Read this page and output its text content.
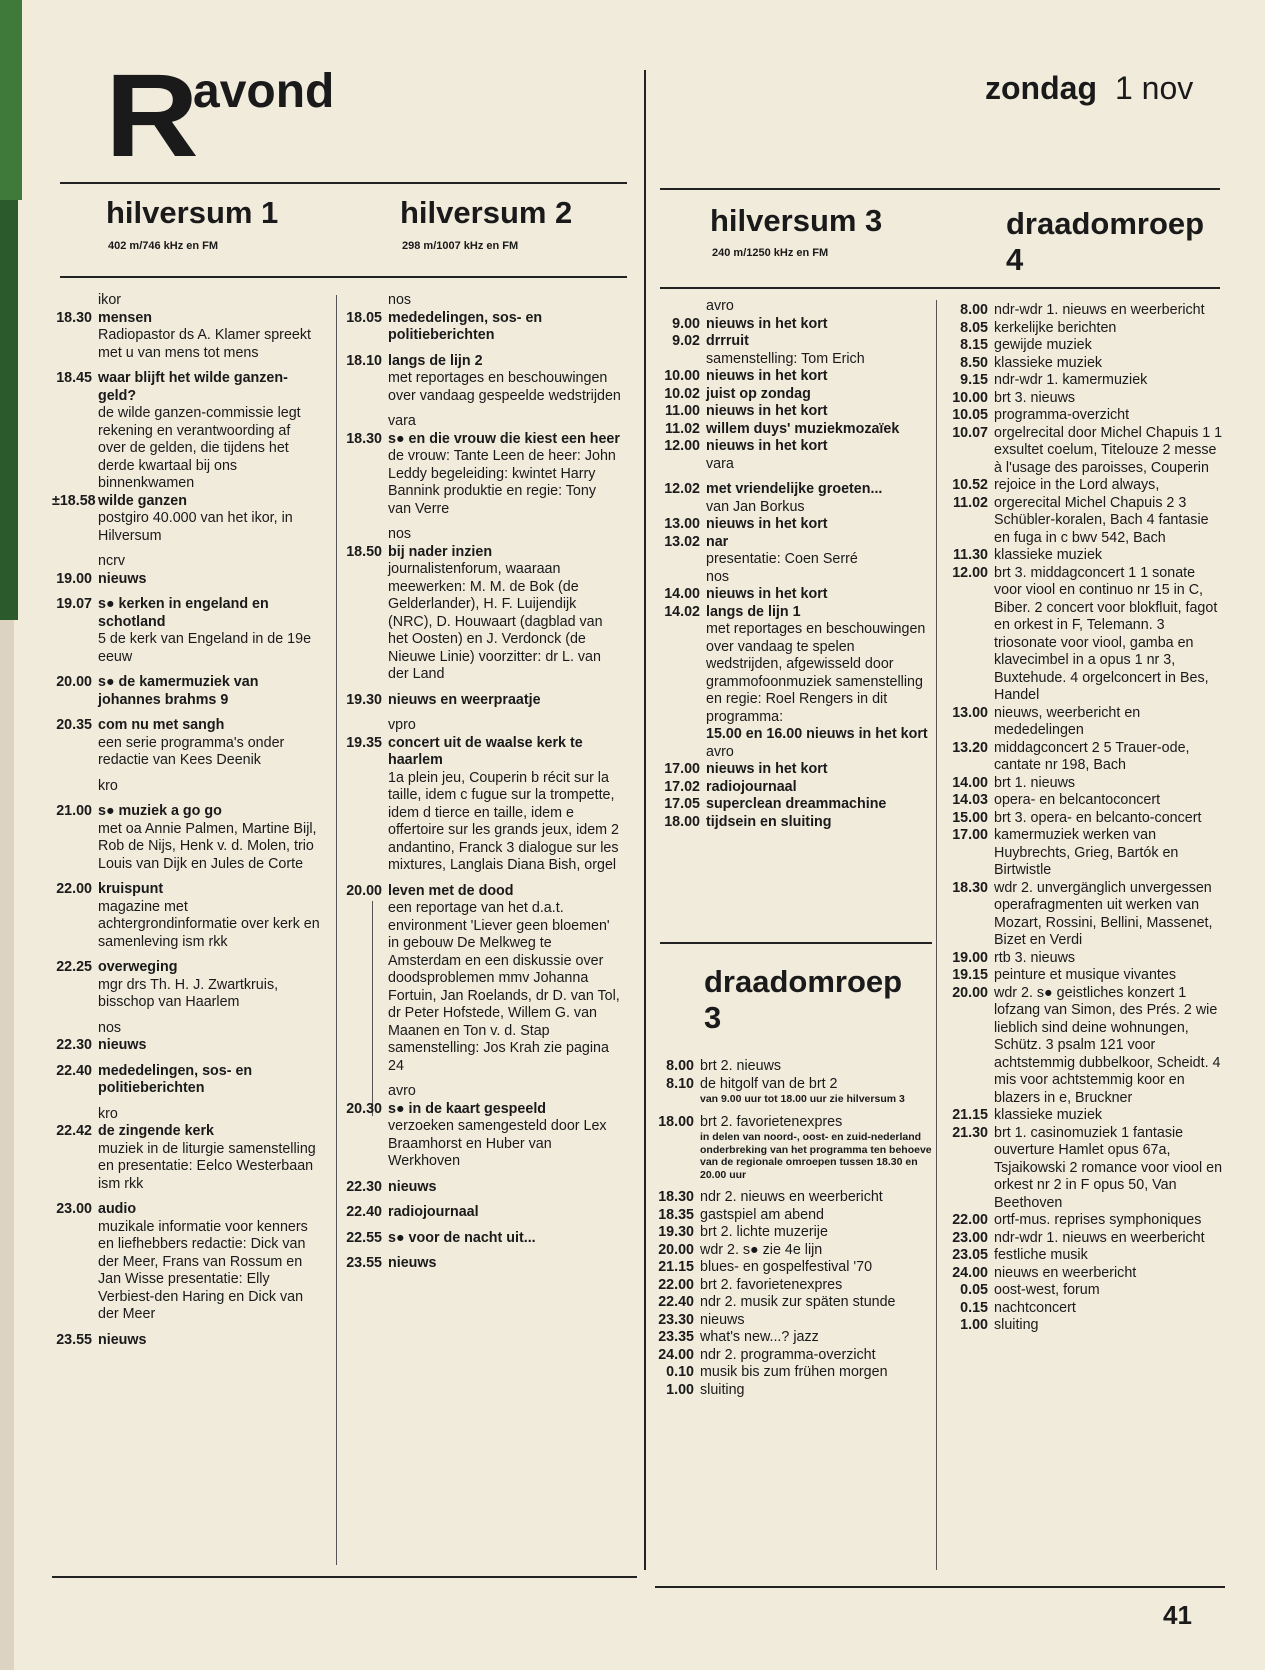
R
avond	zondag 1 nov
hilversum 1
402 m/746 kHz en FM
hilversum 2
298 m/1007 kHz en FM
hilversum 3
240 m/1250 kHz en FM
draadomroep
4
draadomroep
3
ikor
18.30 mensen
Radiopastor ds A. Klamer spreekt met u van mens tot mens
18.45 waar blijft het wilde ganzen-geld?
de wilde ganzen-commissie legt rekening en verantwoording af over de gelden, die tijdens het derde kwartaal bij ons binnenkwamen
±18.58 wilde ganzen
postgiro 40.000 van het ikor, in Hilversum
ncrv
19.00 nieuws
19.07 s● kerken in engeland en schotland
5 de kerk van Engeland in de 19e eeuw
20.00 s● de kamermuziek van johannes brahms 9
20.35 com nu met sangh
een serie programma's onder redactie van Kees Deenik
kro
21.00 s● muziek a go go
met oa Annie Palmen, Martine Bijl, Rob de Nijs, Henk v. d. Molen, trio Louis van Dijk en Jules de Corte
22.00 kruispunt
magazine met achtergrondinformatie over kerk en samenleving ism rkk
22.25 overweging
mgr drs Th. H. J. Zwartkruis, bisschop van Haarlem
nos
22.30 nieuws
22.40 mededelingen, sos- en politieberichten
kro
22.42 de zingende kerk
muziek in de liturgie samenstelling en presentatie: Eelco Westerbaan ism rkk
23.00 audio
muzikale informatie voor kenners en liefhebbers redactie: Dick van der Meer, Frans van Rossum en Jan Wisse presentatie: Elly Verbiest-den Haring en Dick van der Meer
23.55 nieuws
nos
18.05 mededelingen, sos- en politieberichten
18.10 langs de lijn 2
met reportages en beschouwingen over vandaag gespeelde wedstrijden
vara
18.30 s● en die vrouw die kiest een heer
de vrouw: Tante Leen de heer: John Leddy begeleiding: kwintet Harry Bannink produktie en regie: Tony van Verre
nos
18.50 bij nader inzien
journalistenforum, waaraan meewerken: M. M. de Bok (de Gelderlander), H. F. Luijendijk (NRC), D. Houwaart (dagblad van het Oosten) en J. Verdonck (de Nieuwe Linie) voorzitter: dr L. van der Land
19.30 nieuws en weerpraatje
vpro
19.35 concert uit de waalse kerk te haarlem
1a plein jeu, Couperin b récit sur la taille, idem c fugue sur la trompette, idem d tierce en taille, idem e offertoire sur les grands jeux, idem 2 andantino, Franck 3 dialogue sur les mixtures, Langlais Diana Bish, orgel
20.00 leven met de dood
een reportage van het d.a.t. environment 'Liever geen bloemen' in gebouw De Melkweg te Amsterdam en een diskussie over doodsproblemen mmv Johanna Fortuin, Jan Roelands, dr D. van Tol, dr Peter Hofstede, Willem G. van Maanen en Ton v. d. Stap samenstelling: Jos Krah zie pagina 24
avro
20.30 s● in de kaart gespeeld
verzoeken samengesteld door Lex Braamhorst en Huber van Werkhoven
22.30 nieuws
22.40 radiojournaal
22.55 s● voor de nacht uit...
23.55 nieuws
avro
9.00 nieuws in het kort
9.02 drrruit
samenstelling: Tom Erich
10.00 nieuws in het kort
10.02 juist op zondag
11.00 nieuws in het kort
11.02 willem duys' muziekmozaïek
12.00 nieuws in het kort
vara
12.02 met vriendelijke groeten...
van Jan Borkus
13.00 nieuws in het kort
13.02 nar
presentatie: Coen Serré
nos
14.00 nieuws in het kort
14.02 langs de lijn 1
met reportages en beschouwingen over vandaag te spelen wedstrijden, afgewisseld door grammofoonmuziek samenstelling en regie: Roel Rengers in dit programma:
15.00 en 16.00 nieuws in het kort
avro
17.00 nieuws in het kort
17.02 radiojournaal
17.05 superclean dreammachine
18.00 tijdsein en sluiting
8.00 brt 2. nieuws
8.10 de hitgolf van de brt 2
van 9.00 uur tot 18.00 uur zie hilversum 3
18.00 brt 2. favorietenexpres
in delen van noord-, oost- en zuid-nederland onderbreking van het programma ten behoeve van de regionale omroepen tussen 18.30 en 20.00 uur
18.30 ndr 2. nieuws en weerbericht
18.35 gastspiel am abend
19.30 brt 2. lichte muzerije
20.00 wdr 2. s● zie 4e lijn
21.15 blues- en gospelfestival '70
22.00 brt 2. favorietenexpres
22.40 ndr 2. musik zur späten stunde
23.30 nieuws
23.35 what's new...? jazz
24.00 ndr 2. programma-overzicht
0.10 musik bis zum frühen morgen
1.00 sluiting
8.00 ndr-wdr 1. nieuws en weerbericht
8.05 kerkelijke berichten
8.15 gewijde muziek
8.50 klassieke muziek
9.15 ndr-wdr 1. kamermuziek
10.00 brt 3. nieuws
10.05 programma-overzicht
10.07 orgelrecital door Michel Chapuis 1 1 exsultet coelum, Titelouze 2 messe à l'usage des paroisses, Couperin
10.52 rejoice in the Lord always,
11.02 orgerecital Michel Chapuis 2 3 Schübler-koralen, Bach 4 fantasie en fuga in c bwv 542, Bach
11.30 klassieke muziek
12.00 brt 3. middagconcert 1 1 sonate voor viool en continuo nr 15 in C, Biber. 2 concert voor blokfluit, fagot en orkest in F, Telemann. 3 triosonate voor viool, gamba en klavecimbel in a opus 1 nr 3, Buxtehude. 4 orgelconcert in Bes, Handel
13.00 nieuws, weerbericht en mededelingen
13.20 middagconcert 2 5 Trauer-ode, cantate nr 198, Bach
14.00 brt 1. nieuws
14.03 opera- en belcantoconcert
15.00 brt 3. opera- en belcanto-concert
17.00 kamermuziek werken van Huybrechts, Grieg, Bartók en Birtwistle
18.30 wdr 2. unvergänglich unvergessen operafragmenten uit werken van Mozart, Rossini, Bellini, Massenet, Bizet en Verdi
19.00 rtb 3. nieuws
19.15 peinture et musique vivantes
20.00 wdr 2. s● geistliches konzert 1 lofzang van Simon, des Prés. 2 wie lieblich sind deine wohnungen, Schütz. 3 psalm 121 voor achtstemmig dubbelkoor, Scheidt. 4 mis voor achtstemmig koor en blazers in e, Bruckner
21.15 klassieke muziek
21.30 brt 1. casinomuziek 1 fantasie ouverture Hamlet opus 67a, Tsjaikowski 2 romance voor viool en orkest nr 2 in F opus 50, Van Beethoven
22.00 ortf-mus. reprises symphoniques
23.00 ndr-wdr 1. nieuws en weerbericht
23.05 festliche musik
24.00 nieuws en weerbericht
0.05 oost-west, forum
0.15 nachtconcert
1.00 sluiting
41
